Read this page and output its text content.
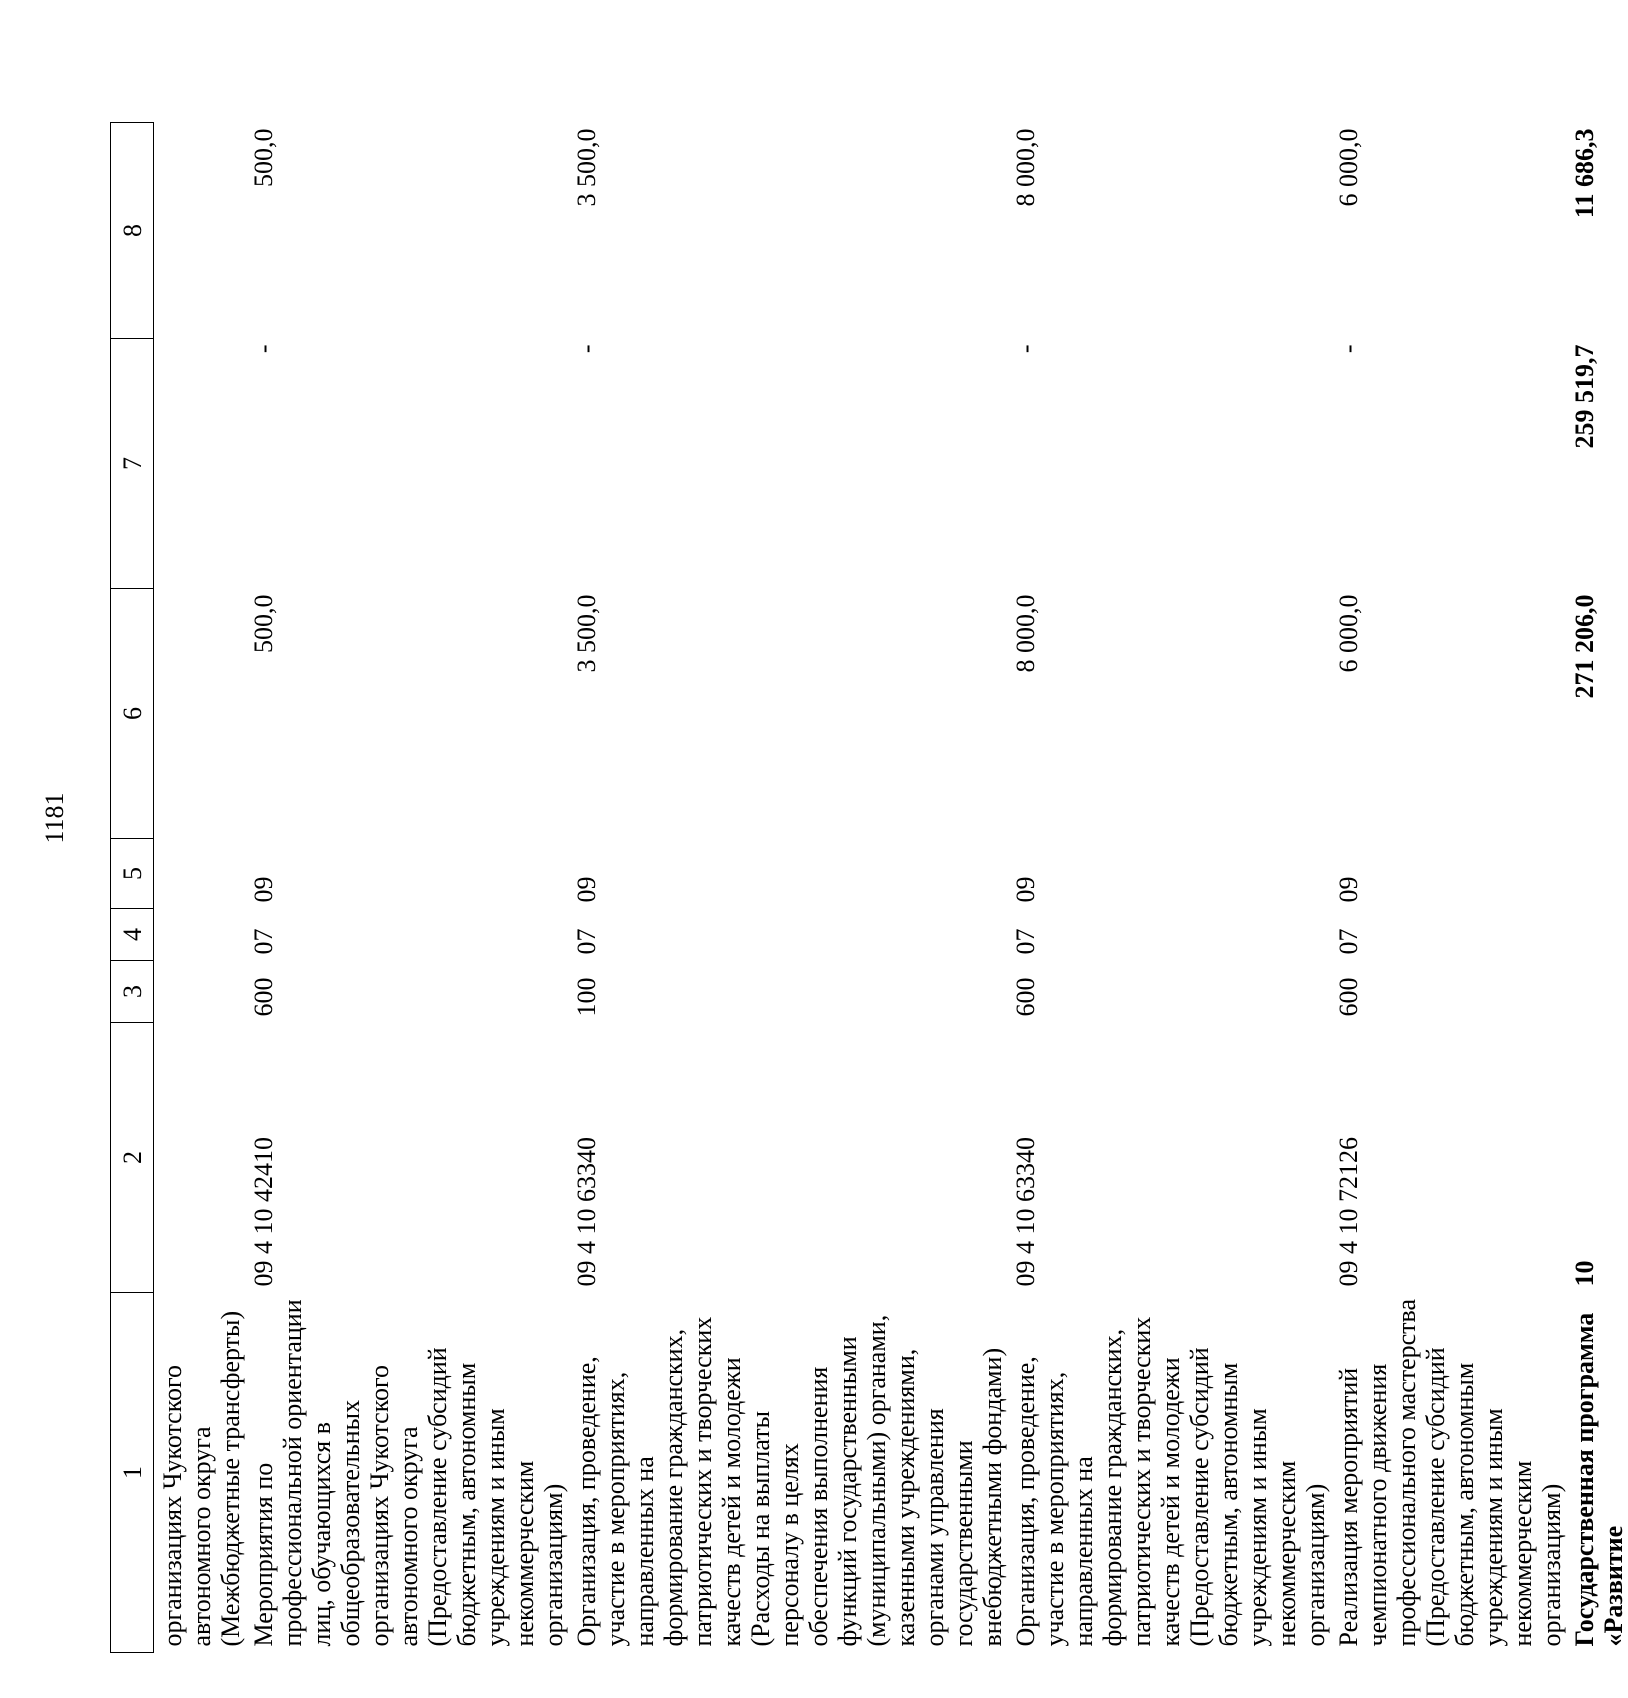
1181
1	2	3	4	5	6	7	8
организациях Чукотского автономного округа (Межбюджетные трансферты)							
Мероприятия по профессиональной ориентации лиц, обучающихся в общеобразовательных организациях Чукотского автономного округа (Предоставление субсидий бюджетным, автономным учреждениям и иным некоммерческим организациям)	09 4 10 42410	600	07	09	500,0	-	500,0
Организация, проведение, участие в мероприятиях, направленных на формирование гражданских, патриотических и творческих качеств детей и молодежи (Расходы на выплаты персоналу в целях обеспечения выполнения функций государственными (муниципальными) органами, казенными учреждениями, органами управления государственными внебюджетными фондами)	09 4 10 63340	100	07	09	3 500,0	-	3 500,0
Организация, проведение, участие в мероприятиях, направленных на формирование гражданских, патриотических и творческих качеств детей и молодежи (Предоставление субсидий бюджетным, автономным учреждениям и иным некоммерческим организациям)	09 4 10 63340	600	07	09	8 000,0	-	8 000,0
Реализация мероприятий чемпионатного движения профессионального мастерства (Предоставление субсидий бюджетным, автономным учреждениям и иным некоммерческим организациям)	09 4 10 72126	600	07	09	6 000,0	-	6 000,0
Государственная программа «Развитие	10				271 206,0	259 519,7	11 686,3
